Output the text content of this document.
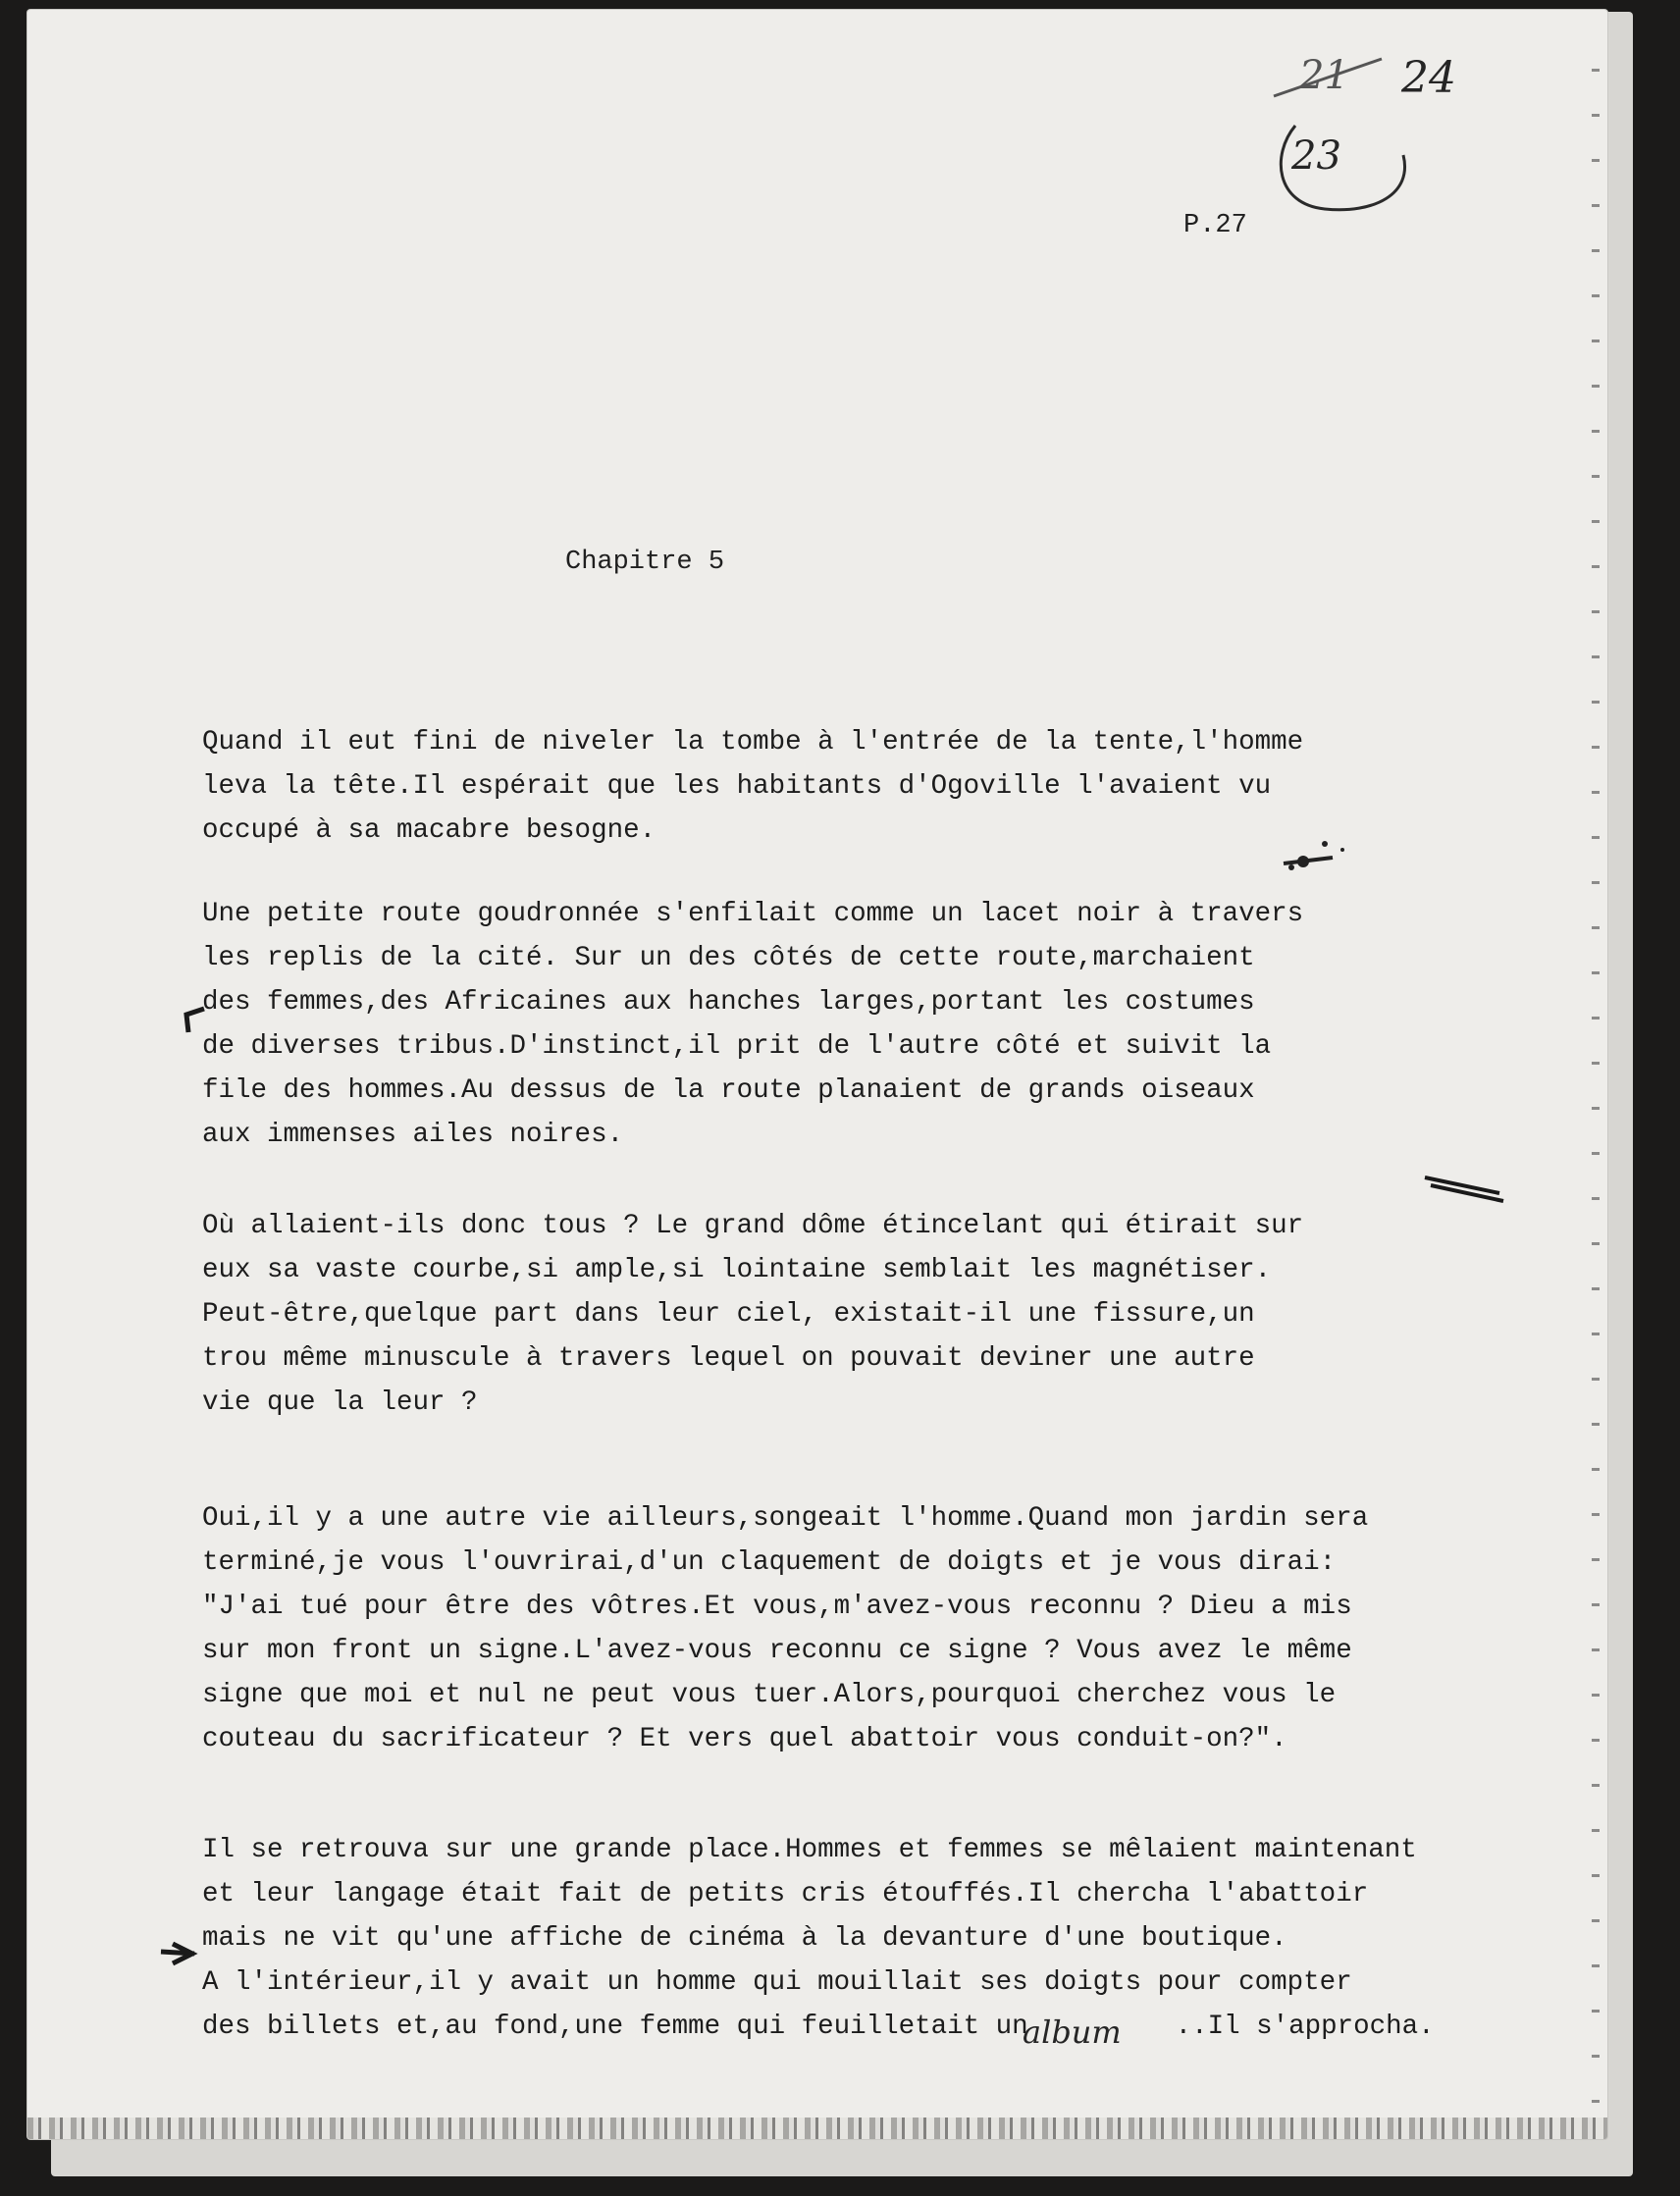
21 24
23
P.27
Chapitre 5

Quand il eut fini de niveler la tombe à l'entrée de la tente,l'homme
leva la tête.Il espérait que les habitants d'Ogoville l'avaient vu
occupé à sa macabre besogne.

Une petite route goudronnée s'enfilait comme un lacet noir à travers
les replis de la cité. Sur un des côtés de cette route,marchaient
des femmes,des Africaines aux hanches larges,portant les costumes
de diverses tribus.D'instinct,il prit de l'autre côté et suivit la
file des hommes.Au dessus de la route planaient de grands oiseaux
aux immenses ailes noires.

Où allaient-ils donc tous ? Le grand dôme étincelant qui étirait sur
eux sa vaste courbe,si ample,si lointaine semblait les magnétiser.
Peut-être,quelque part dans leur ciel, existait-il une fissure,un
trou même minuscule à travers lequel on pouvait deviner une autre
vie que la leur ?

Oui,il y a une autre vie ailleurs,songeait l'homme.Quand mon jardin sera
terminé,je vous l'ouvrirai,d'un claquement de doigts et je vous dirai:
"J'ai tué pour être des vôtres.Et vous,m'avez-vous reconnu ? Dieu a mis
sur mon front un signe.L'avez-vous reconnu ce signe ? Vous avez le même
signe que moi et nul ne peut vous tuer.Alors,pourquoi cherchez vous le
couteau du sacrificateur ? Et vers quel abattoir vous conduit-on?".

Il se retrouva sur une grande place.Hommes et femmes se mêlaient maintenant
et leur langage était fait de petits cris étouffés.Il chercha l'abattoir
mais ne vit qu'une affiche de cinéma à la devanture d'une boutique.
A l'intérieur,il y avait un homme qui mouillait ses doigts pour compter
des billets et,au fond,une femme qui feuilletait un	..Il s'approcha.

album
